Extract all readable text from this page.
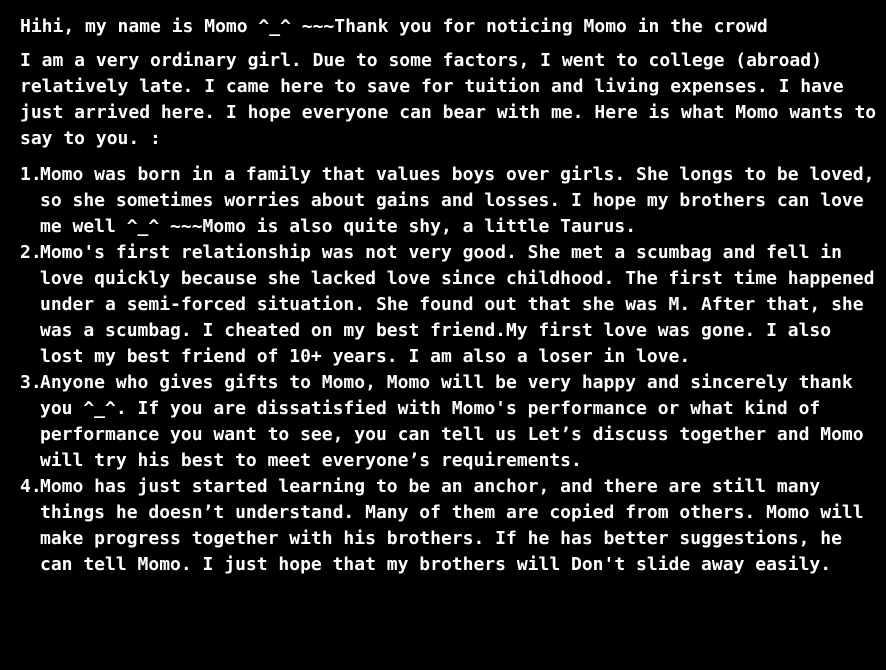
Hihi, my name is Momo ^_^ ~~~Thank you for noticing Momo in the crowd

I am a very ordinary girl. Due to some factors, I went to college (abroad) relatively late. I came here to save for tuition and living expenses. I have just arrived here. I hope everyone can bear with me. Here is what Momo wants to say to you. :

1.
Momo was born in a family that values boys over girls. She longs to be loved, so she sometimes worries about gains and losses. I hope my brothers can love me well ^_^ ~~~Momo is also quite shy, a little Taurus.
2.
Momo's first relationship was not very good. She met a scumbag and fell in love quickly because she lacked love since childhood. The first time happened under a semi-forced situation. She found out that she was M. After that, she was a scumbag. I cheated on my best friend.My first love was gone. I also lost my best friend of 10+ years. I am also a loser in love.
3.
Anyone who gives gifts to Momo, Momo will be very happy and sincerely thank you ^_^. If you are dissatisfied with Momo's performance or what kind of performance you want to see, you can tell us Let’s discuss together and Momo will try his best to meet everyone’s requirements.
4.
Momo has just started learning to be an anchor, and there are still many things he doesn’t understand. Many of them are copied from others. Momo will make progress together with his brothers. If he has better suggestions, he can tell Momo. I just hope that my brothers will Don't slide away easily.
